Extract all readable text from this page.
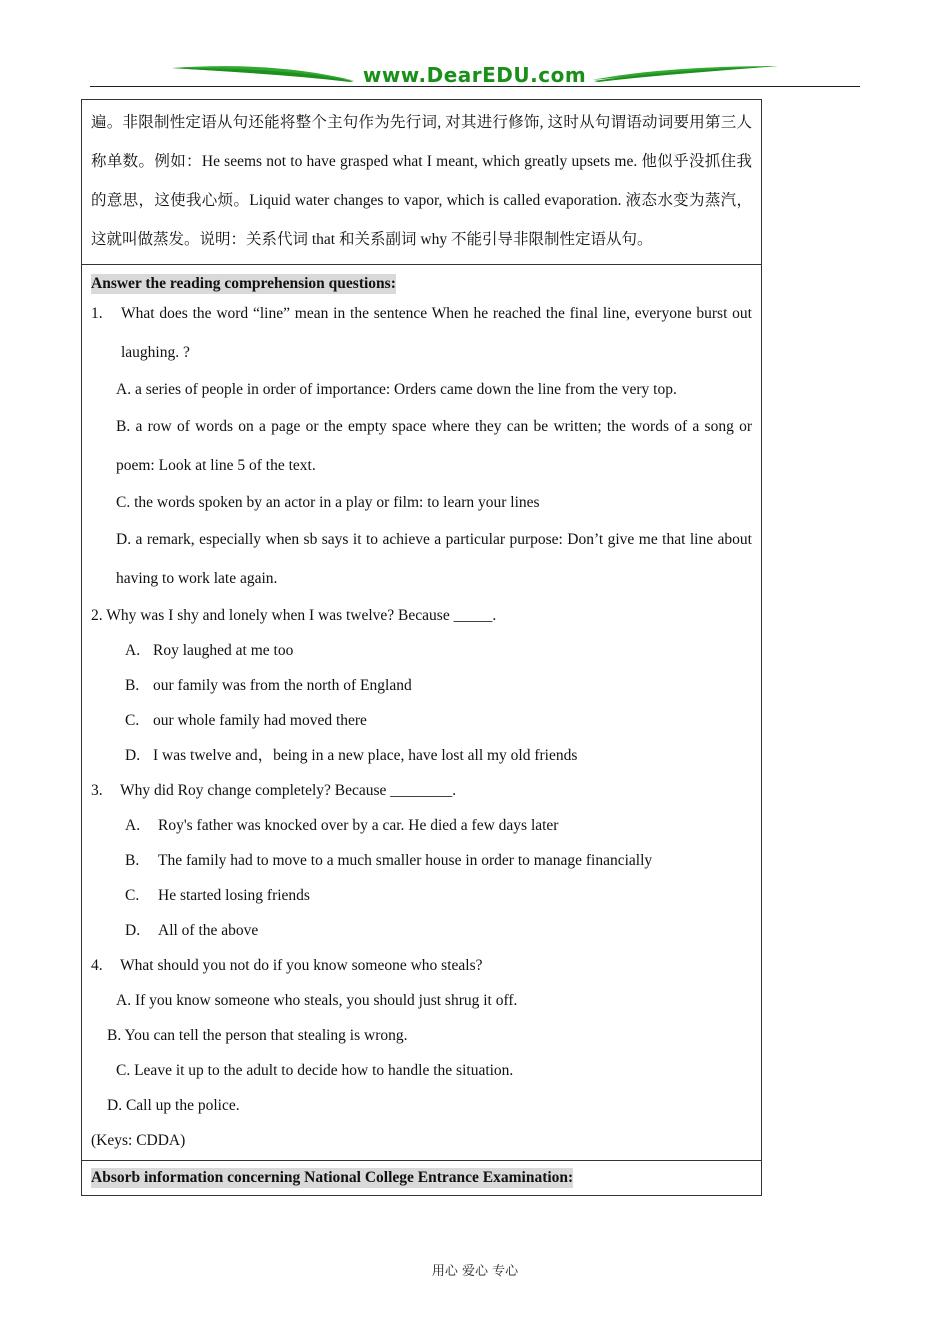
www.DearEDU.com

遍。非限制性定语从句还能将整个主句作为先行词, 对其进行修饰, 这时从句谓语动词要用第三人称单数。例如：He seems not to have grasped what I meant, which greatly upsets me. 他似乎没抓住我的意思，这使我心烦。Liquid water changes to vapor, which is called evaporation. 液态水变为蒸汽，这就叫做蒸发。说明：关系代词 that 和关系副词 why 不能引导非限制性定语从句。

Answer the reading comprehension questions:
1.	What does the word “line” mean in the sentence When he reached the final line, everyone burst out laughing. ?
A. a series of people in order of importance: Orders came down the line from the very top.
B. a row of words on a page or the empty space where they can be written; the words of a song or poem: Look at line 5 of the text.
C. the words spoken by an actor in a play or film: to learn your lines
D. a remark, especially when sb says it to achieve a particular purpose: Don’t give me that line about having to work late again.
2. Why was I shy and lonely when I was twelve? Because _____.
A. Roy laughed at me too
B. our family was from the north of England
C. our whole family had moved there
D. I was twelve and，being in a new place, have lost all my old friends
3. Why did Roy change completely? Because ________.
A. Roy's father was knocked over by a car. He died a few days later
B. The family had to move to a much smaller house in order to manage financially
C. He started losing friends
D. All of the above
4. What should you not do if you know someone who steals?
A. If you know someone who steals, you should just shrug it off.
B. You can tell the person that stealing is wrong.
C. Leave it up to the adult to decide how to handle the situation.
D. Call up the police.
(Keys: CDDA)
Absorb information concerning National College Entrance Examination:
用心 爱心 专心
